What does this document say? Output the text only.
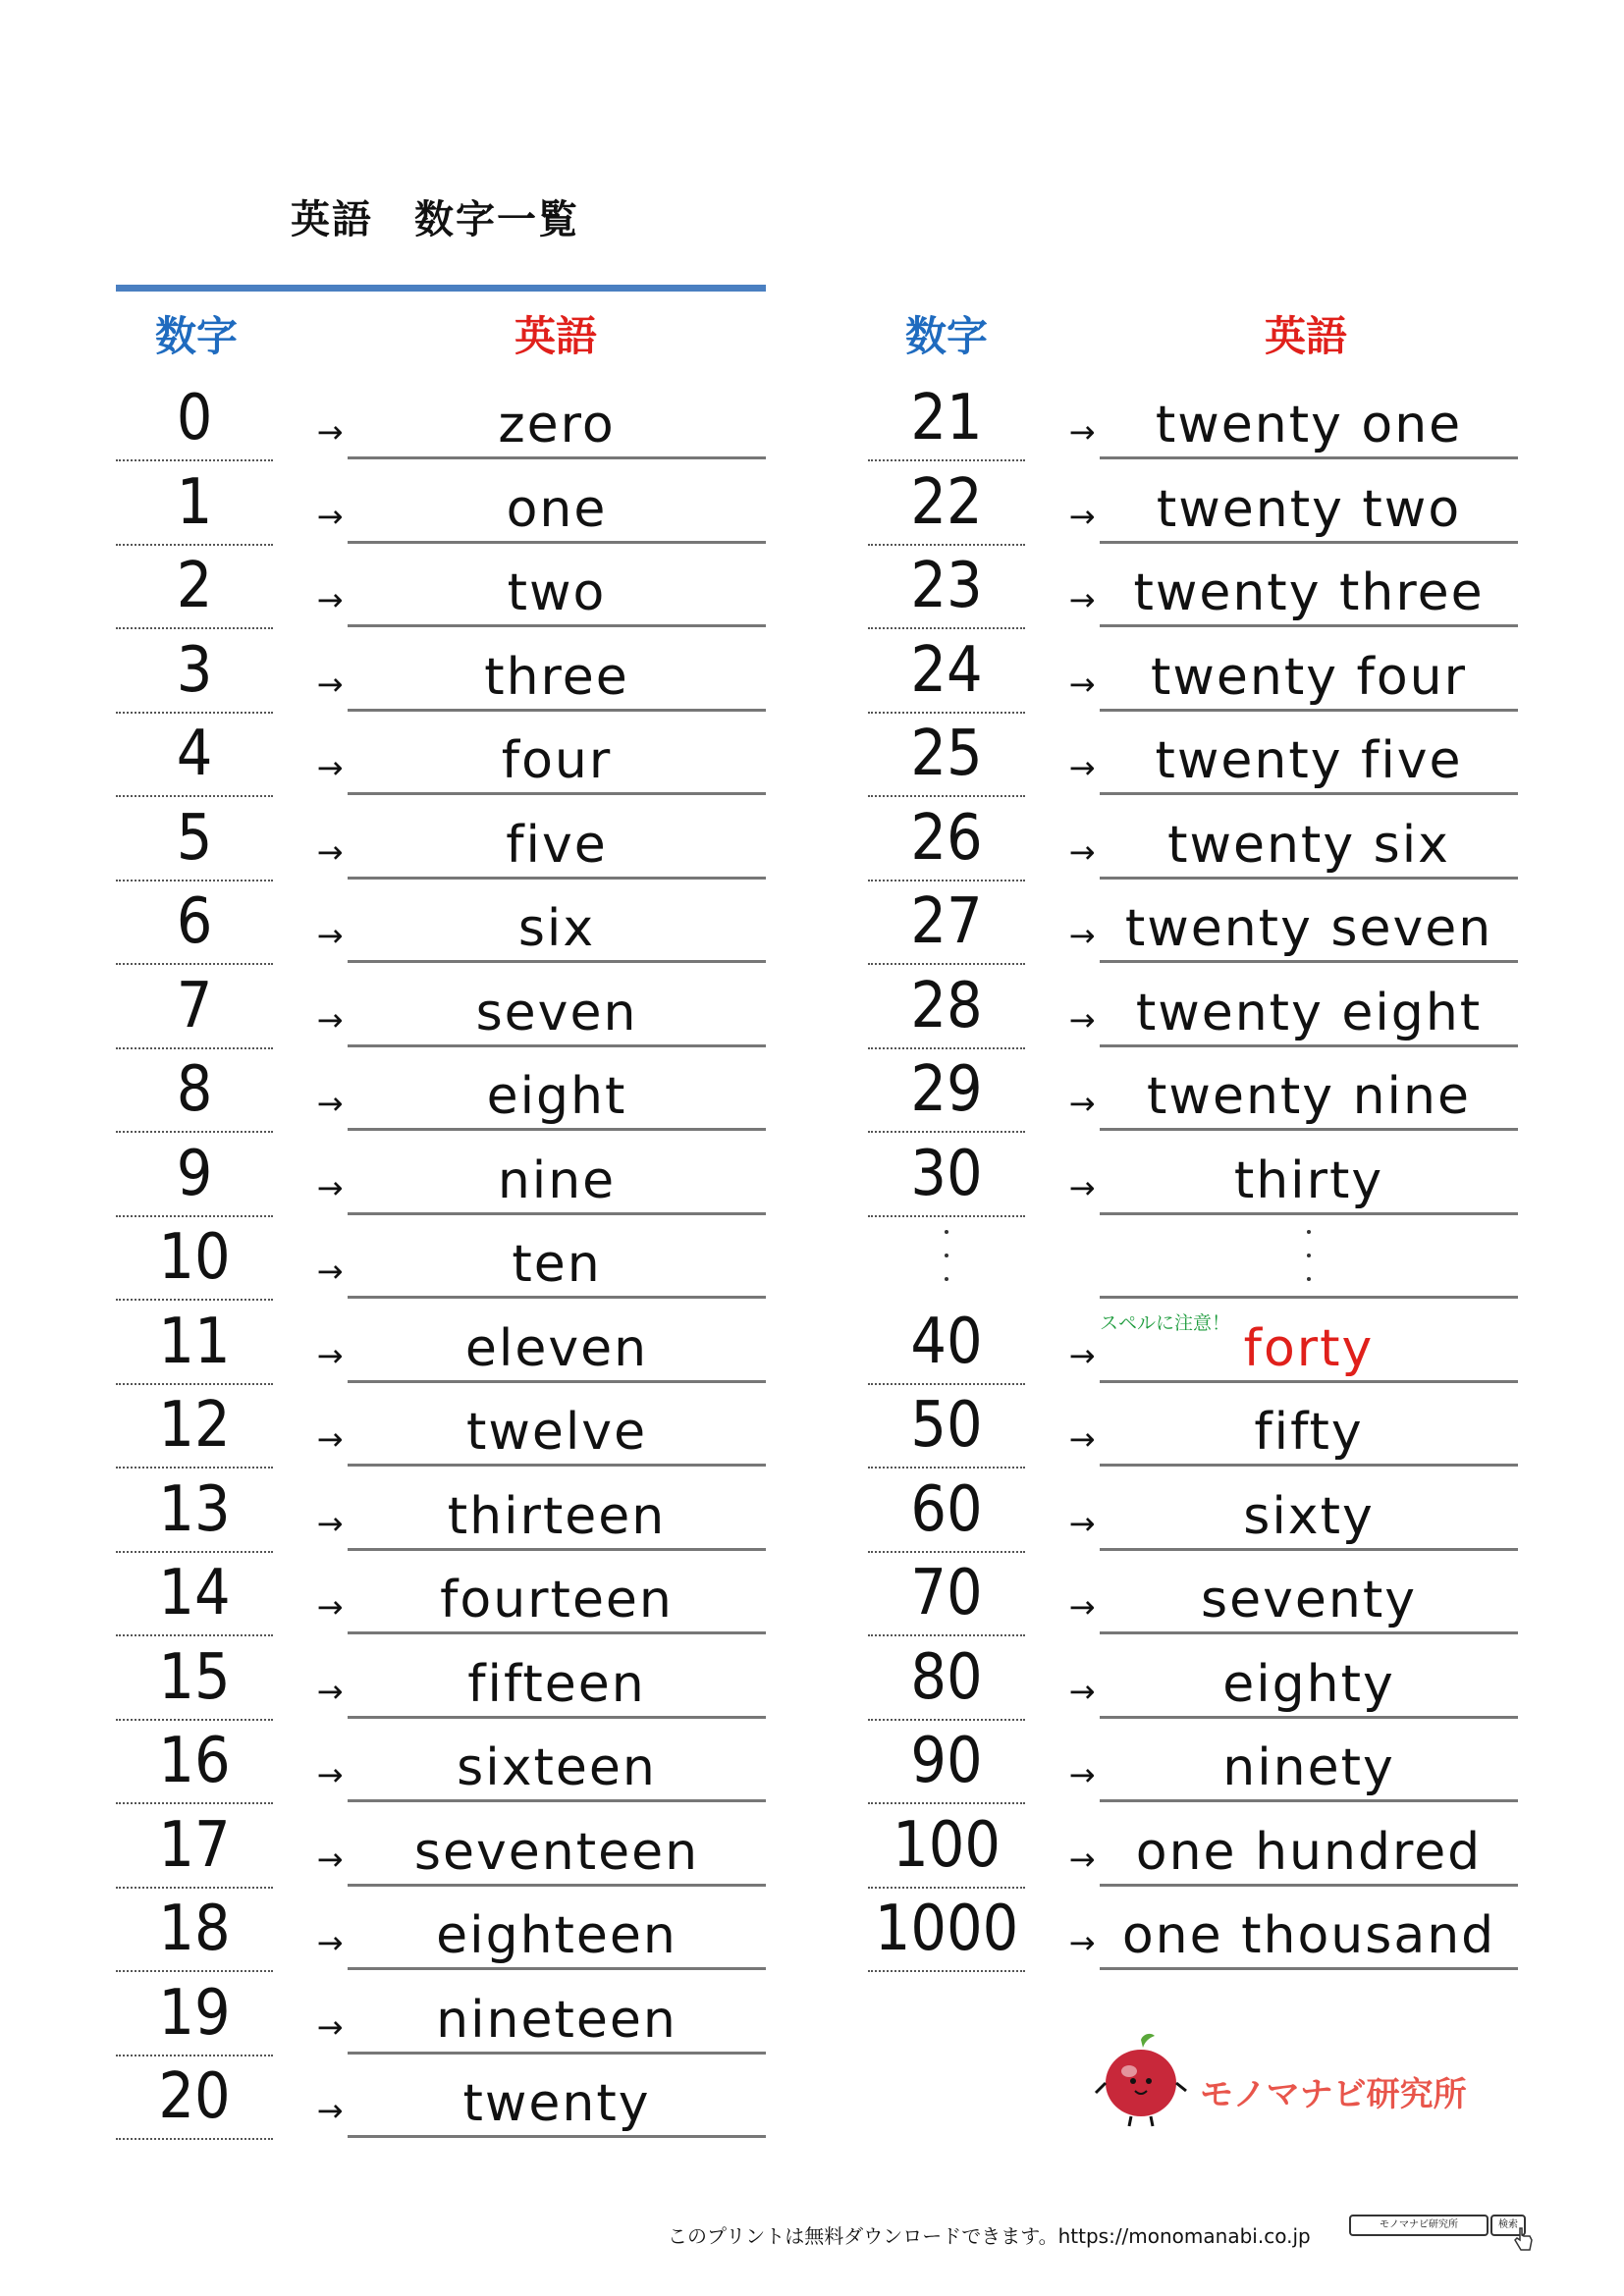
英語　数字一覧
数字	英語	数字	英語
0	→	zero
1	→	one
2	→	two
3	→	three
4	→	four
5	→	five
6	→	six
7	→	seven
8	→	eight
9	→	nine
10	→	ten
11	→	eleven
12	→	twelve
13	→	thirteen
14	→	fourteen
15	→	fifteen
16	→	sixteen
17	→	seventeen
18	→	eighteen
19	→	nineteen
20	→	twenty
21	→	twenty one
22	→	twenty two
23	→ twenty three
24	→	twenty four
25	→	twenty five
26	→	twenty six
27	→ twenty seven
28	→ twenty eight
29	→	twenty nine
30	→	thirty
40	→	forty
スペルに注意！
50	→	fifty
60	→	sixty
70	→	seventy
80	→	eighty
90	→	ninety
100	→ one hundred
1000	→ one thousand
モノマナビ研究所
このプリントは無料ダウンロードできます。https://monomanabi.co.jp	モノマナビ研究所	検索
